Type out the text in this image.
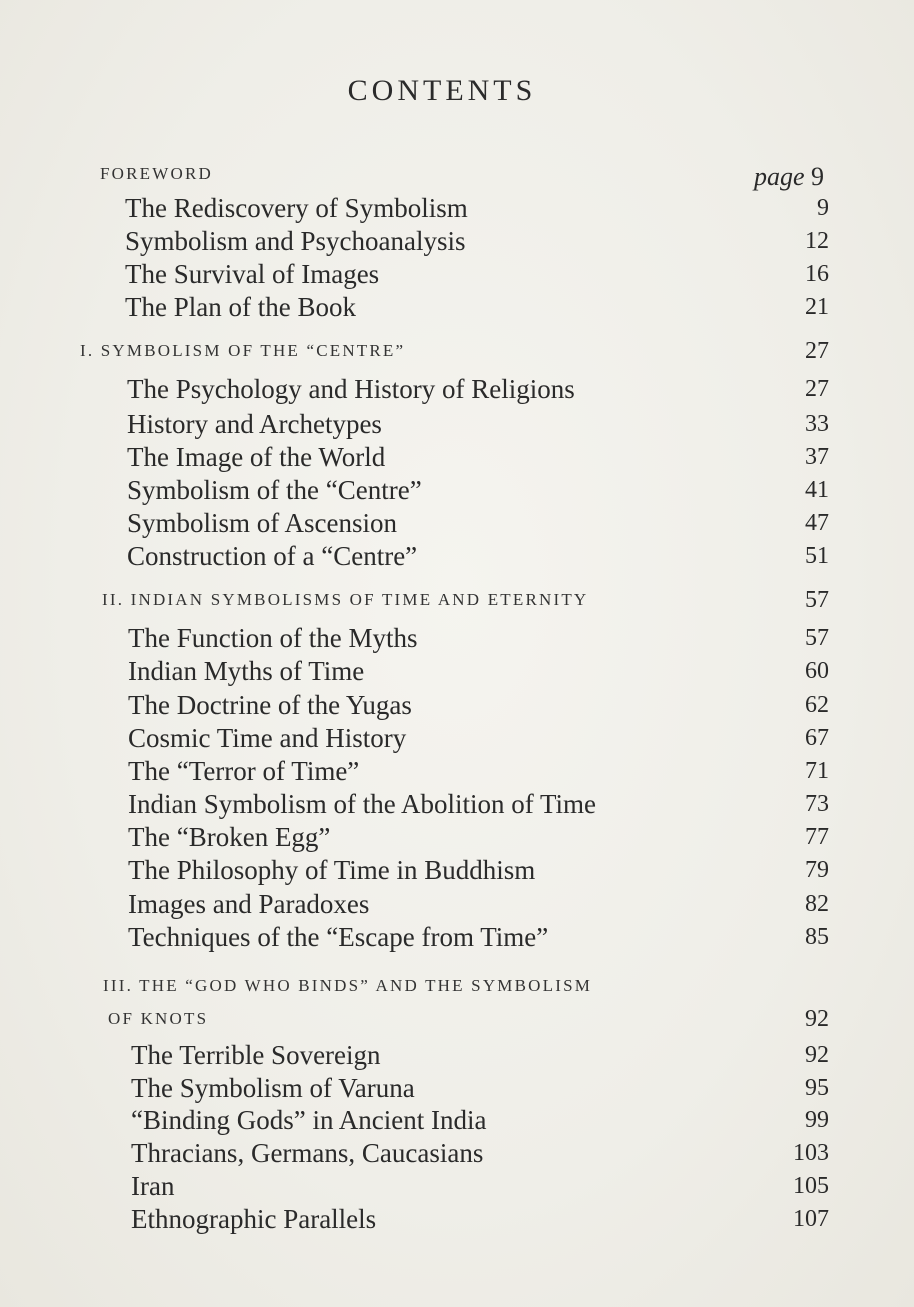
CONTENTS
FOREWORD	page 9
The Rediscovery of Symbolism	9
Symbolism and Psychoanalysis	12
The Survival of Images	16
The Plan of the Book	21
I. SYMBOLISM OF THE “CENTRE”	27
The Psychology and History of Religions	27
History and Archetypes	33
The Image of the World	37
Symbolism of the “Centre”	41
Symbolism of Ascension	47
Construction of a “Centre”	51
II. INDIAN SYMBOLISMS OF TIME AND ETERNITY	57
The Function of the Myths	57
Indian Myths of Time	60
The Doctrine of the Yugas	62
Cosmic Time and History	67
The “Terror of Time”	71
Indian Symbolism of the Abolition of Time	73
The “Broken Egg”	77
The Philosophy of Time in Buddhism	79
Images and Paradoxes	82
Techniques of the “Escape from Time”	85
III. THE “GOD WHO BINDS” AND THE SYMBOLISM
OF KNOTS	92
The Terrible Sovereign	92
The Symbolism of Varuna	95
“Binding Gods” in Ancient India	99
Thracians, Germans, Caucasians	103
Iran	105
Ethnographic Parallels	107
